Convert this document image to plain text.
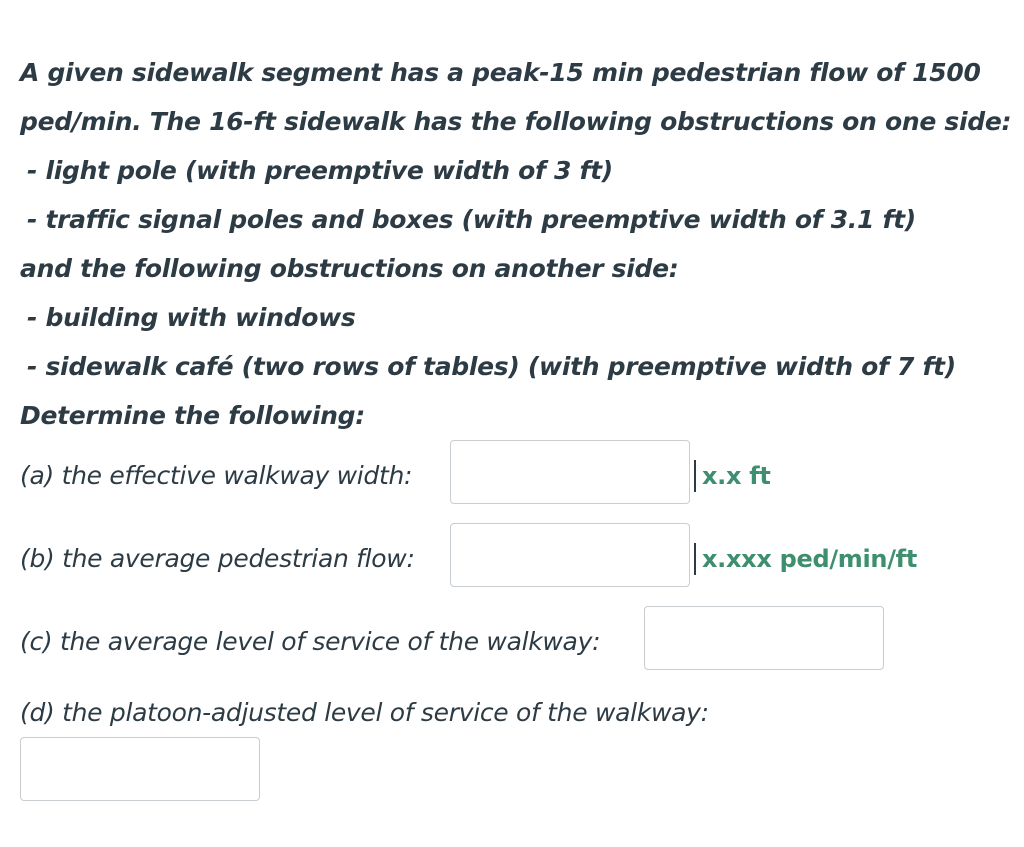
A given sidewalk segment has a peak-15 min pedestrian flow of 1500
ped/min. The 16-ft sidewalk has the following obstructions on one side:
- light pole (with preemptive width of 3 ft)
- traffic signal poles and boxes (with preemptive width of 3.1 ft)
and the following obstructions on another side:
- building with windows
- sidewalk café (two rows of tables) (with preemptive width of 7 ft)
Determine the following:
(a) the effective walkway width:	x.x ft
(b) the average pedestrian flow:	x.xxx ped/min/ft
(c) the average level of service of the walkway:
(d) the platoon-adjusted level of service of the walkway:
